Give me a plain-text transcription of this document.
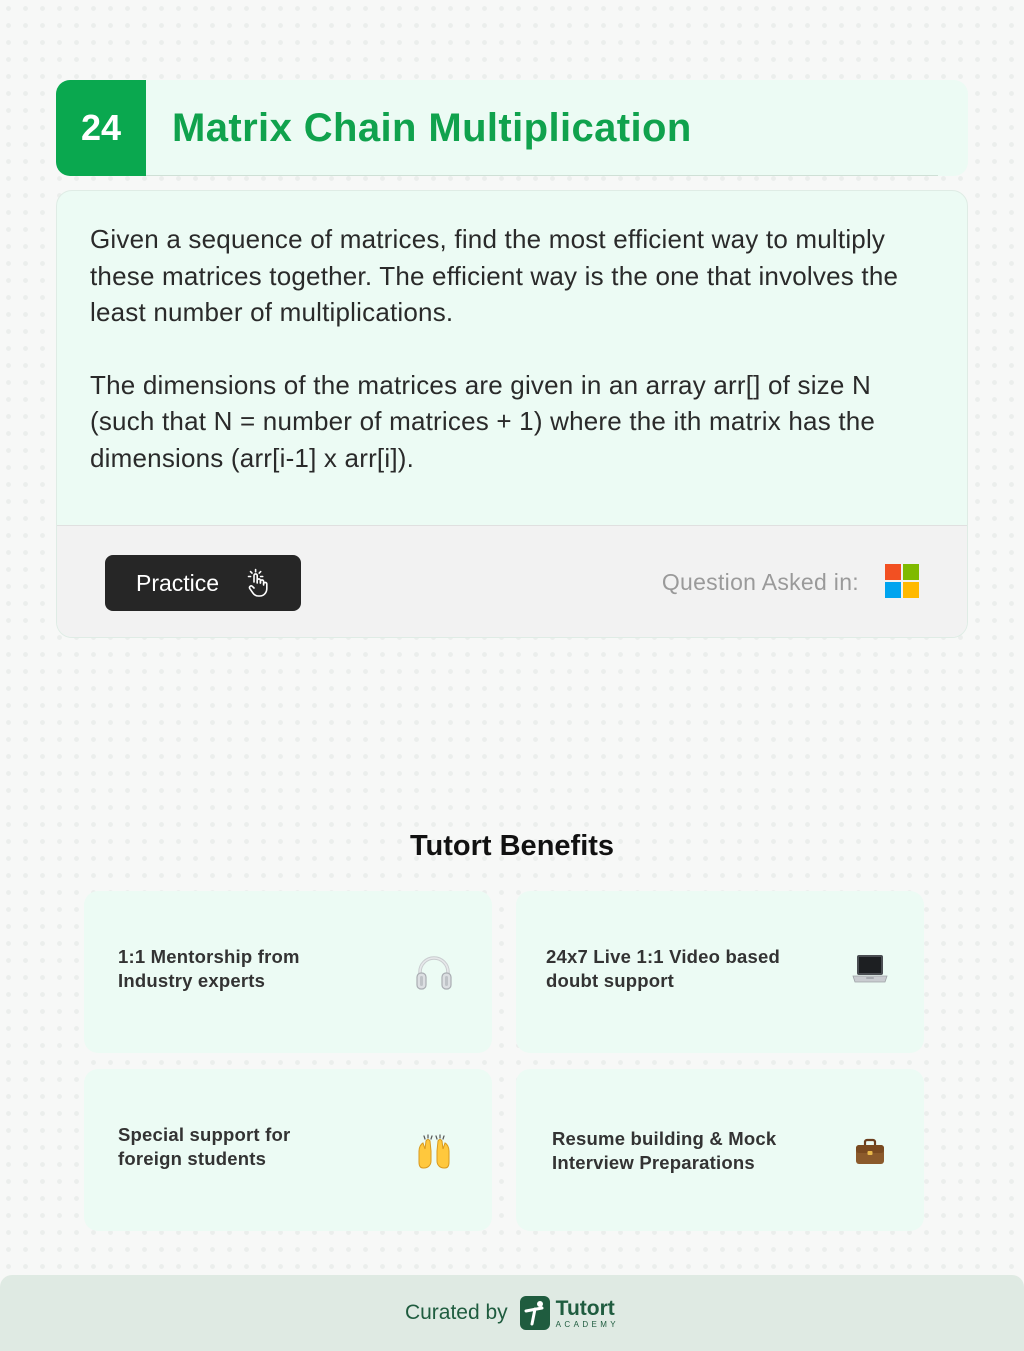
24	Matrix Chain Multiplication

Given a sequence of matrices, find the most efficient way to multiply these matrices together. The efficient way is the one that involves the least number of multiplications.

The dimensions of the matrices are given in an array arr[] of size N (such that N = number of matrices + 1) where the ith matrix has the dimensions (arr[i-1] x arr[i]).

Practice	Question Asked in:
Tutort Benefits
1:1 Mentorship from
Industry experts
24x7 Live 1:1 Video based
doubt support
Special support for
foreign students
Resume building & Mock
Interview Preparations
Curated by Tutort
ACADEMY
